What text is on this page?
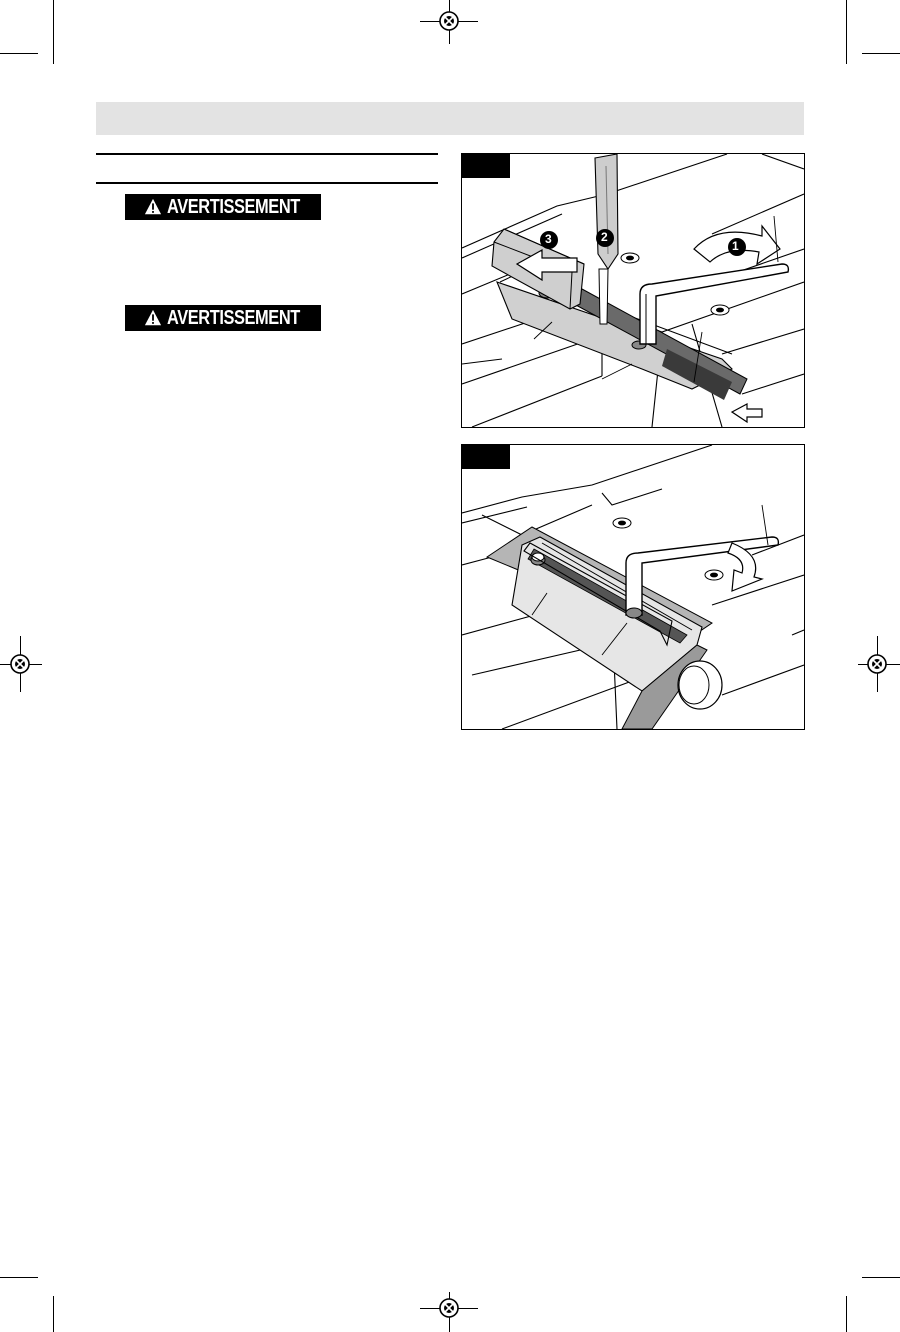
AVERTISSEMENT
AVERTISSEMENT
1
2
3
